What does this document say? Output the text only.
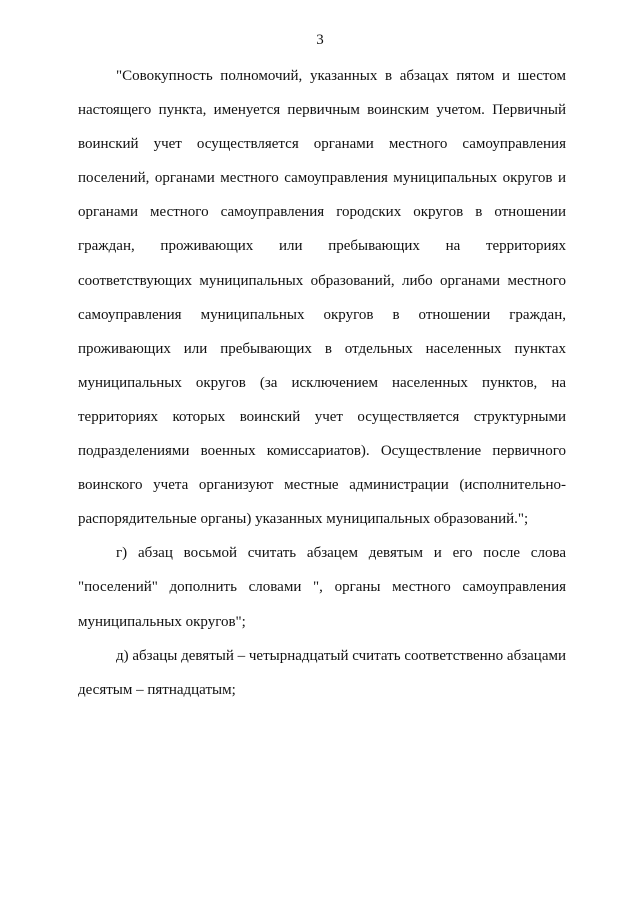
3
"Совокупность полномочий, указанных в абзацах пятом и шестом
настоящего пункта, именуется первичным воинским учетом. Первичный
воинский учет осуществляется органами местного самоуправления
поселений, органами местного самоуправления муниципальных округов и
органами местного самоуправления городских округов в отношении
граждан, проживающих или пребывающих на территориях
соответствующих муниципальных образований, либо органами местного
самоуправления муниципальных округов в отношении граждан,
проживающих или пребывающих в отдельных населенных пунктах
муниципальных округов (за исключением населенных пунктов, на
территориях которых воинский учет осуществляется структурными
подразделениями военных комиссариатов). Осуществление первичного
воинского учета организуют местные администрации (исполнительно-
распорядительные органы) указанных муниципальных образований.";
г) абзац восьмой считать абзацем девятым и его после слова
"поселений" дополнить словами ", органы местного самоуправления
муниципальных округов";
д) абзацы девятый – четырнадцатый считать соответственно абзацами
десятым – пятнадцатым;
